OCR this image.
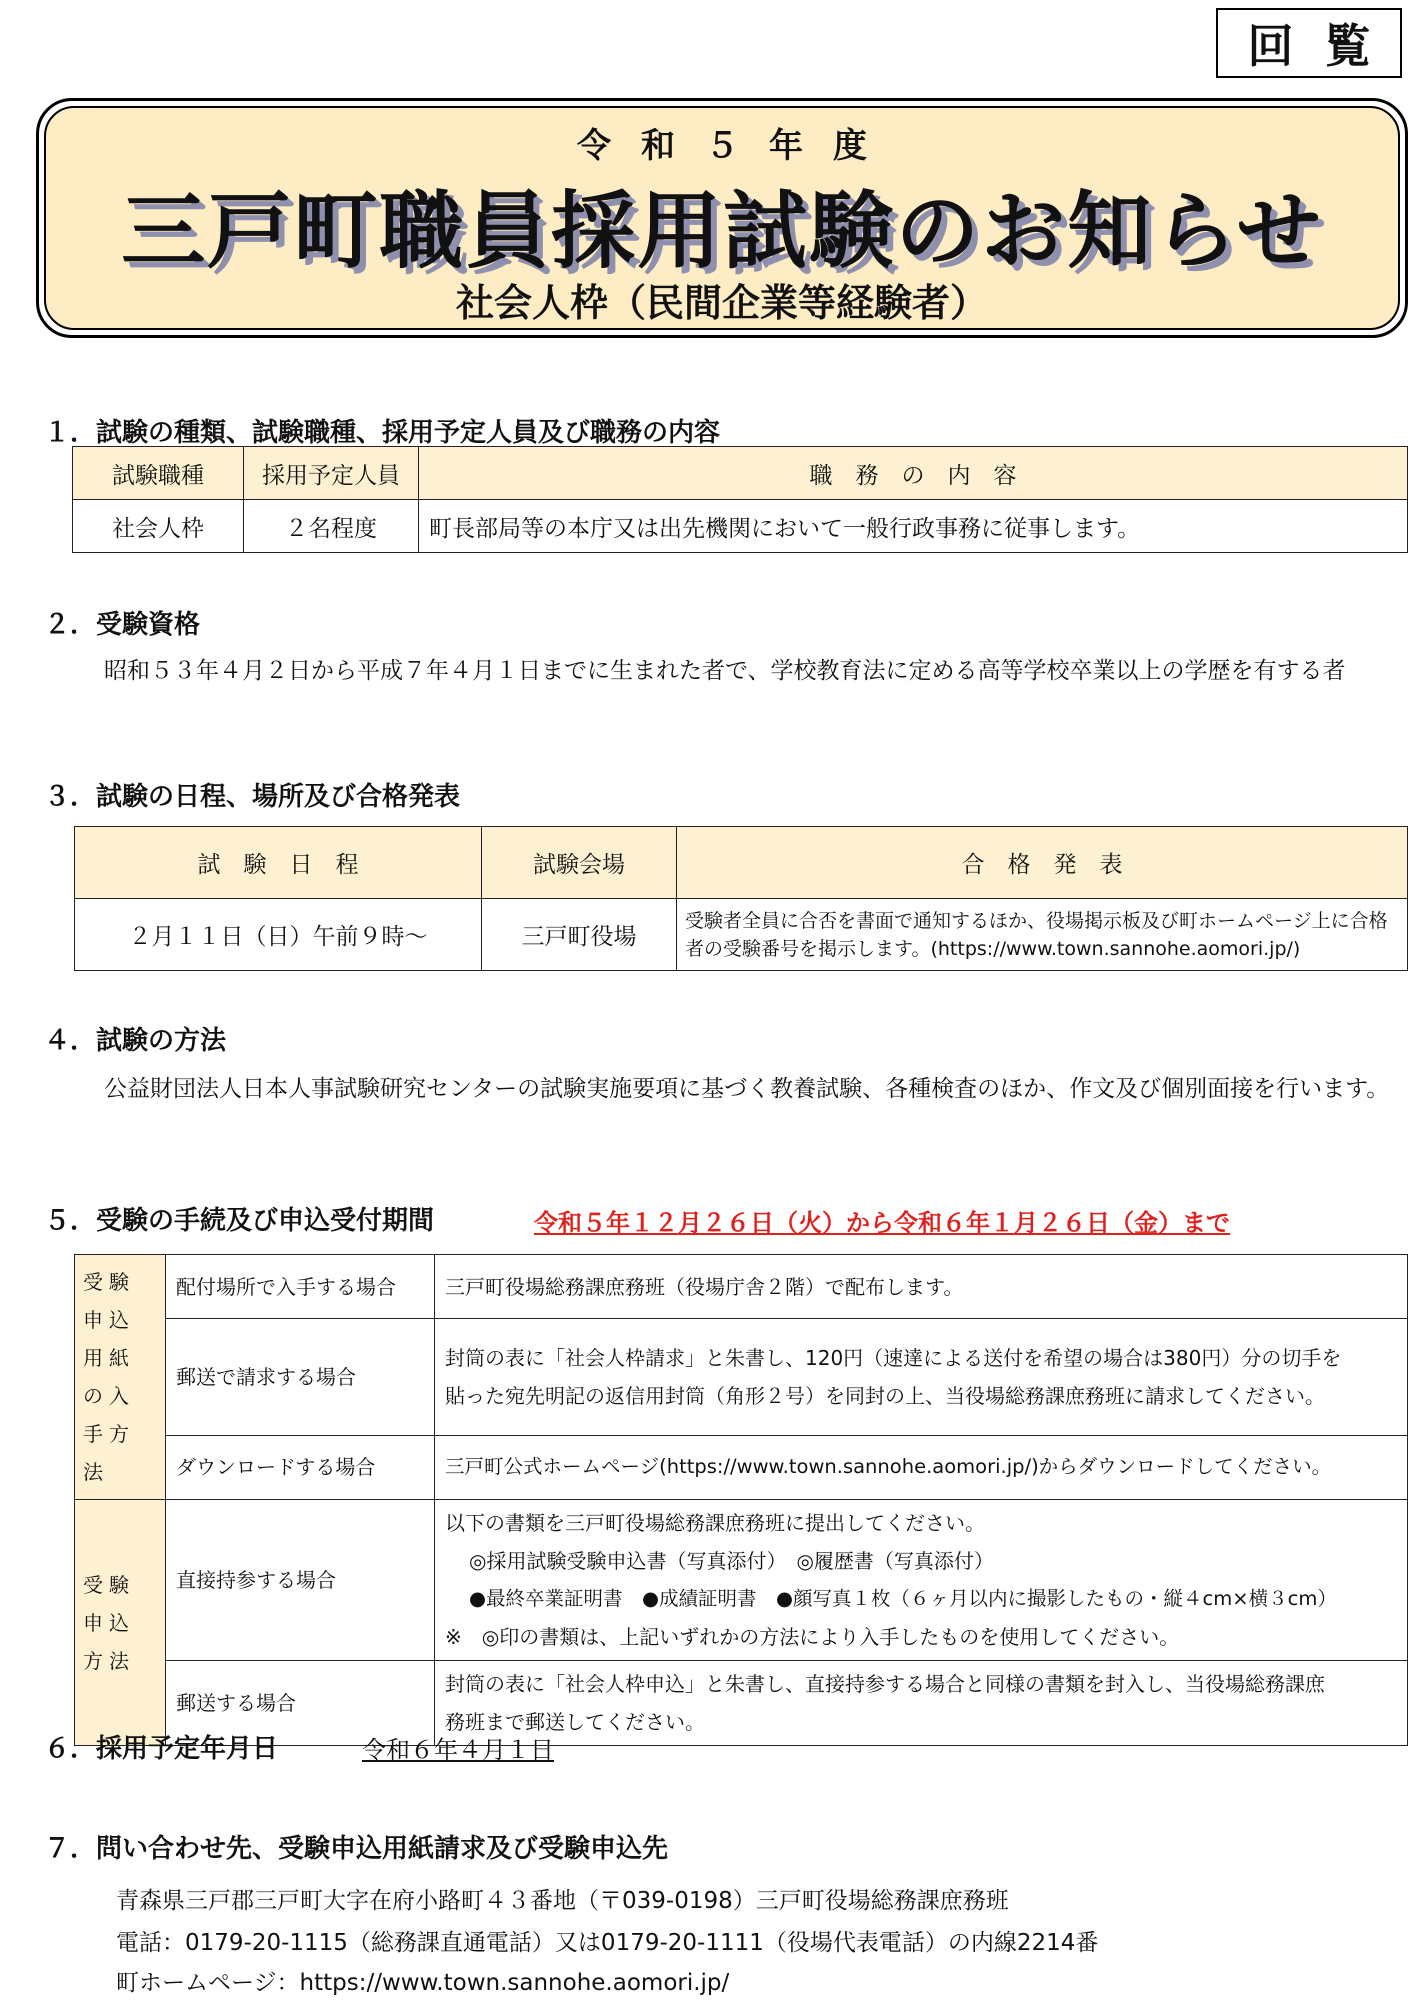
回 覧
令和５年度
三戸町職員採用試験のお知らせ
社会人枠（民間企業等経験者）
１．試験の種類、試験職種、採用予定人員及び職務の内容
試験職種	採用予定人員	職　務　の　内　容
社会人枠	２名程度	町長部局等の本庁又は出先機関において一般行政事務に従事します。
２．受験資格
昭和５３年４月２日から平成７年４月１日までに生まれた者で、学校教育法に定める高等学校卒業以上の学歴を有する者
３．試験の日程、場所及び合格発表
試　験　日　程	試験会場	合　格　発　表
２月１１日（日）午前９時～	三戸町役場	受験者全員に合否を書面で通知するほか、役場掲示板及び町ホームページ上に合格者の受験番号を掲示します。(https://www.town.sannohe.aomori.jp/)
４．試験の方法
公益財団法人日本人事試験研究センターの試験実施要項に基づく教養試験、各種検査のほか、作文及び個別面接を行います。
５．受験の手続及び申込受付期間	令和５年１２月２６日（火）から令和６年１月２６日（金）まで
受験申込用紙の入手方法	配付場所で入手する場合	三戸町役場総務課庶務班（役場庁舎２階）で配布します。
	郵送で請求する場合	封筒の表に「社会人枠請求」と朱書し、120円（速達による送付を希望の場合は380円）分の切手を
貼った宛先明記の返信用封筒（角形２号）を同封の上、当役場総務課庶務班に請求してください。

	ダウンロードする場合	三戸町公式ホームページ(https://www.town.sannohe.aomori.jp/)からダウンロードしてください。
受験申込方法	直接持参する場合	以下の書類を三戸町役場総務課庶務班に提出してください。
◎採用試験受験申込書（写真添付）　◎履歴書（写真添付）
●最終卒業証明書　●成績証明書　●顔写真１枚（６ヶ月以内に撮影したもの・縦４cm×横３cm）
※　◎印の書類は、上記いずれかの方法により入手したものを使用してください。

	郵送する場合	封筒の表に「社会人枠申込」と朱書し、直接持参する場合と同様の書類を封入し、当役場総務課庶
務班まで郵送してください。
６．採用予定年月日	令和６年４月１日
７．問い合わせ先、受験申込用紙請求及び受験申込先
青森県三戸郡三戸町大字在府小路町４３番地（〒039-0198）三戸町役場総務課庶務班
電話：0179-20-1115（総務課直通電話）又は0179-20-1111（役場代表電話）の内線2214番
町ホームページ：https://www.town.sannohe.aomori.jp/
